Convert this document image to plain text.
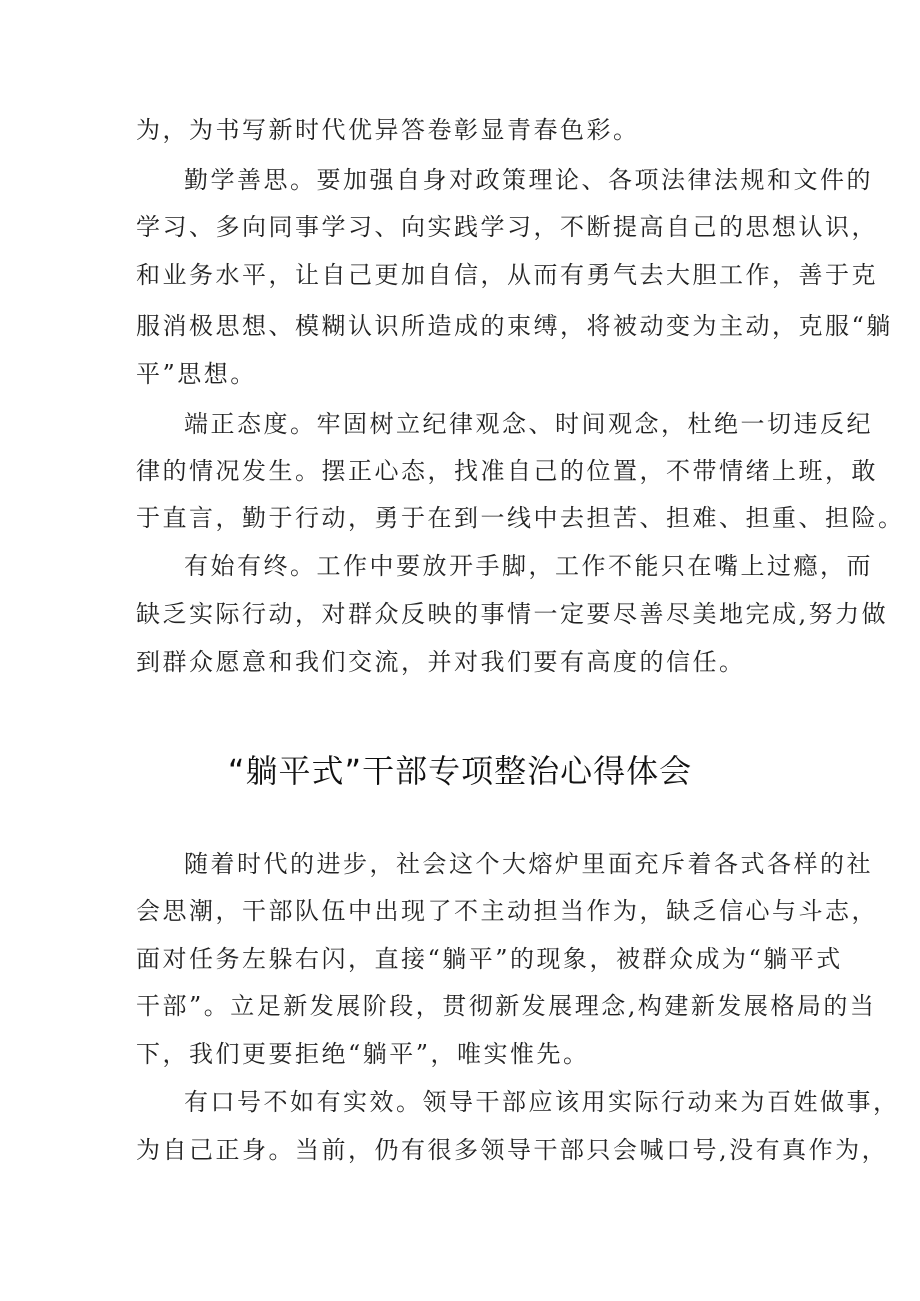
为，为书写新时代优异答卷彰显青春色彩。
勤学善思。要加强自身对政策理论、各项法律法规和文件的
学习、多向同事学习、向实践学习，不断提高自己的思想认识，
和业务水平，让自己更加自信，从而有勇气去大胆工作，善于克
服消极思想、模糊认识所造成的束缚，将被动变为主动，克服“躺
平”思想。
端正态度。牢固树立纪律观念、时间观念，杜绝一切违反纪
律的情况发生。摆正心态，找准自己的位置，不带情绪上班，敢
于直言，勤于行动，勇于在到一线中去担苦、担难、担重、担险。
有始有终。工作中要放开手脚，工作不能只在嘴上过瘾，而
缺乏实际行动，对群众反映的事情一定要尽善尽美地完成,努力做
到群众愿意和我们交流，并对我们要有高度的信任。
“躺平式”干部专项整治心得体会
随着时代的进步，社会这个大熔炉里面充斥着各式各样的社
会思潮，干部队伍中出现了不主动担当作为，缺乏信心与斗志，
面对任务左躲右闪，直接“躺平”的现象，被群众成为“躺平式
干部”。立足新发展阶段，贯彻新发展理念,构建新发展格局的当
下，我们更要拒绝“躺平”，唯实惟先。
有口号不如有实效。领导干部应该用实际行动来为百姓做事，
为自己正身。当前，仍有很多领导干部只会喊口号,没有真作为，
